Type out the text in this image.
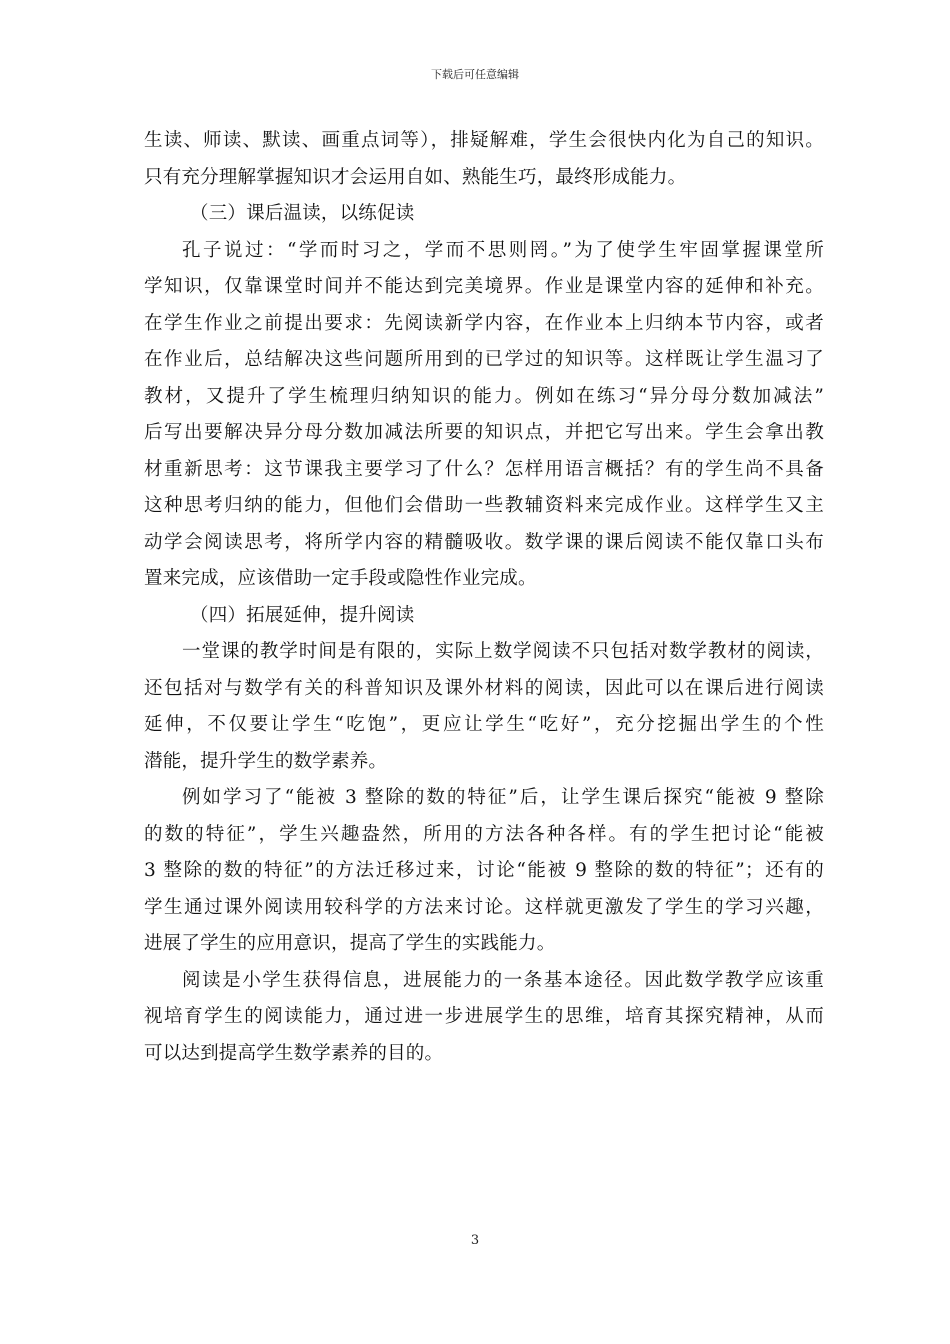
下载后可任意编辑
生读、师读、默读、画重点词等），排疑解难，学生会很快内化为自己的知识。
只有充分理解掌握知识才会运用自如、熟能生巧，最终形成能力。
（三）课后温读，以练促读
孔子说过：“学而时习之，学而不思则罔。”为了使学生牢固掌握课堂所
学知识，仅靠课堂时间并不能达到完美境界。作业是课堂内容的延伸和补充。
在学生作业之前提出要求：先阅读新学内容，在作业本上归纳本节内容，或者
在作业后，总结解决这些问题所用到的已学过的知识等。这样既让学生温习了
教材，又提升了学生梳理归纳知识的能力。例如在练习“异分母分数加减法”
后写出要解决异分母分数加减法所要的知识点，并把它写出来。学生会拿出教
材重新思考：这节课我主要学习了什么？怎样用语言概括？有的学生尚不具备
这种思考归纳的能力，但他们会借助一些教辅资料来完成作业。这样学生又主
动学会阅读思考，将所学内容的精髓吸收。数学课的课后阅读不能仅靠口头布
置来完成，应该借助一定手段或隐性作业完成。
（四）拓展延伸，提升阅读
一堂课的教学时间是有限的，实际上数学阅读不只包括对数学教材的阅读，
还包括对与数学有关的科普知识及课外材料的阅读，因此可以在课后进行阅读
延伸，不仅要让学生“吃饱”，更应让学生“吃好”，充分挖掘出学生的个性
潜能，提升学生的数学素养。
例如学习了“能被 3 整除的数的特征”后，让学生课后探究“能被 9 整除
的数的特征”，学生兴趣盎然，所用的方法各种各样。有的学生把讨论“能被
3 整除的数的特征”的方法迁移过来，讨论“能被 9 整除的数的特征”；还有的
学生通过课外阅读用较科学的方法来讨论。这样就更激发了学生的学习兴趣，
进展了学生的应用意识，提高了学生的实践能力。
阅读是小学生获得信息，进展能力的一条基本途径。因此数学教学应该重
视培育学生的阅读能力，通过进一步进展学生的思维，培育其探究精神，从而
可以达到提高学生数学素养的目的。
3
